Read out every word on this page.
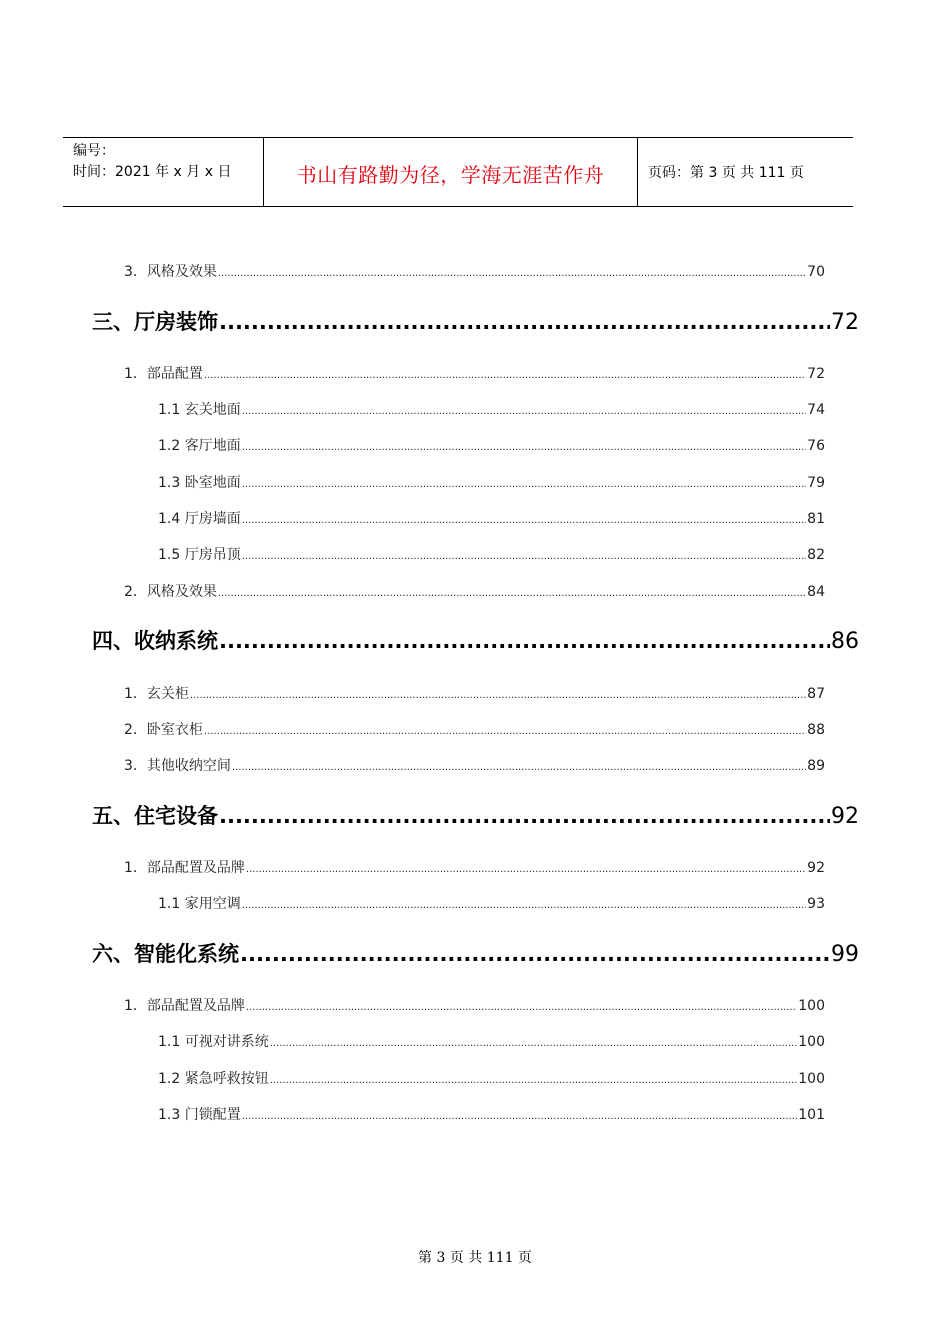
编号：
时间：2021 年 x 月 x 日	书山有路勤为径，学海无涯苦作舟	页码：第 3 页 共 111 页
3．风格及效果 .....	70
三、厅房装饰 .....	72
1．部品配置 .....	72
1.1 玄关地面 .....	74
1.2 客厅地面 .....	76
1.3 卧室地面 .....	79
1.4 厅房墙面 .....	81
1.5 厅房吊顶 .....	82
2．风格及效果 .....	84
四、收纳系统 .....	86
1．玄关柜 .....	87
2．卧室衣柜 .....	88
3．其他收纳空间 .....	89
五、住宅设备 .....	92
1．部品配置及品牌 .....	92
1.1 家用空调 .....	93
六、智能化系统 .....	99
1．部品配置及品牌 .....	100
1.1 可视对讲系统 .....	100
1.2 紧急呼救按钮 .....	100
1.3 门锁配置 .....	101
第 3 页 共 111 页
